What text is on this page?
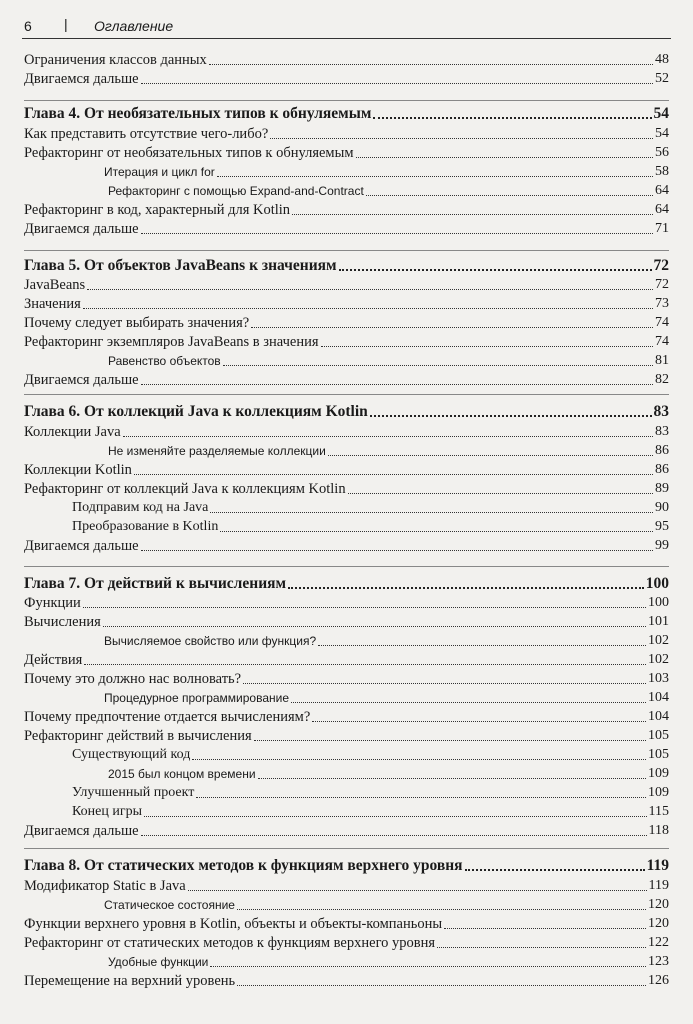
6 | Оглавление
Ограничения классов данных	48
Двигаемся дальше	52
Глава 4. От необязательных типов к обнуляемым	54
Как представить отсутствие чего-либо?	54
Рефакторинг от необязательных типов к обнуляемым	56
Итерация и цикл for	58
Рефакторинг с помощью Expand-and-Contract	64
Рефакторинг в код, характерный для Kotlin	64
Двигаемся дальше	71
Глава 5. От объектов JavaBeans к значениям	72
JavaBeans	72
Значения	73
Почему следует выбирать значения?	74
Рефакторинг экземпляров JavaBeans в значения	74
Равенство объектов	81
Двигаемся дальше	82
Глава 6. От коллекций Java к коллекциям Kotlin	83
Коллекции Java	83
Не изменяйте разделяемые коллекции	86
Коллекции Kotlin	86
Рефакторинг от коллекций Java к коллекциям Kotlin	89
Подправим код на Java	90
Преобразование в Kotlin	95
Двигаемся дальше	99
Глава 7. От действий к вычислениям	100
Функции	100
Вычисления	101
Вычисляемое свойство или функция?	102
Действия	102
Почему это должно нас волновать?	103
Процедурное программирование	104
Почему предпочтение отдается вычислениям?	104
Рефакторинг действий в вычисления	105
Существующий код	105
2015 был концом времени	109
Улучшенный проект	109
Конец игры	115
Двигаемся дальше	118
Глава 8. От статических методов к функциям верхнего уровня	119
Модификатор Static в Java	119
Статическое состояние	120
Функции верхнего уровня в Kotlin, объекты и объекты-компаньоны	120
Рефакторинг от статических методов к функциям верхнего уровня	122
Удобные функции	123
Перемещение на верхний уровень	126
